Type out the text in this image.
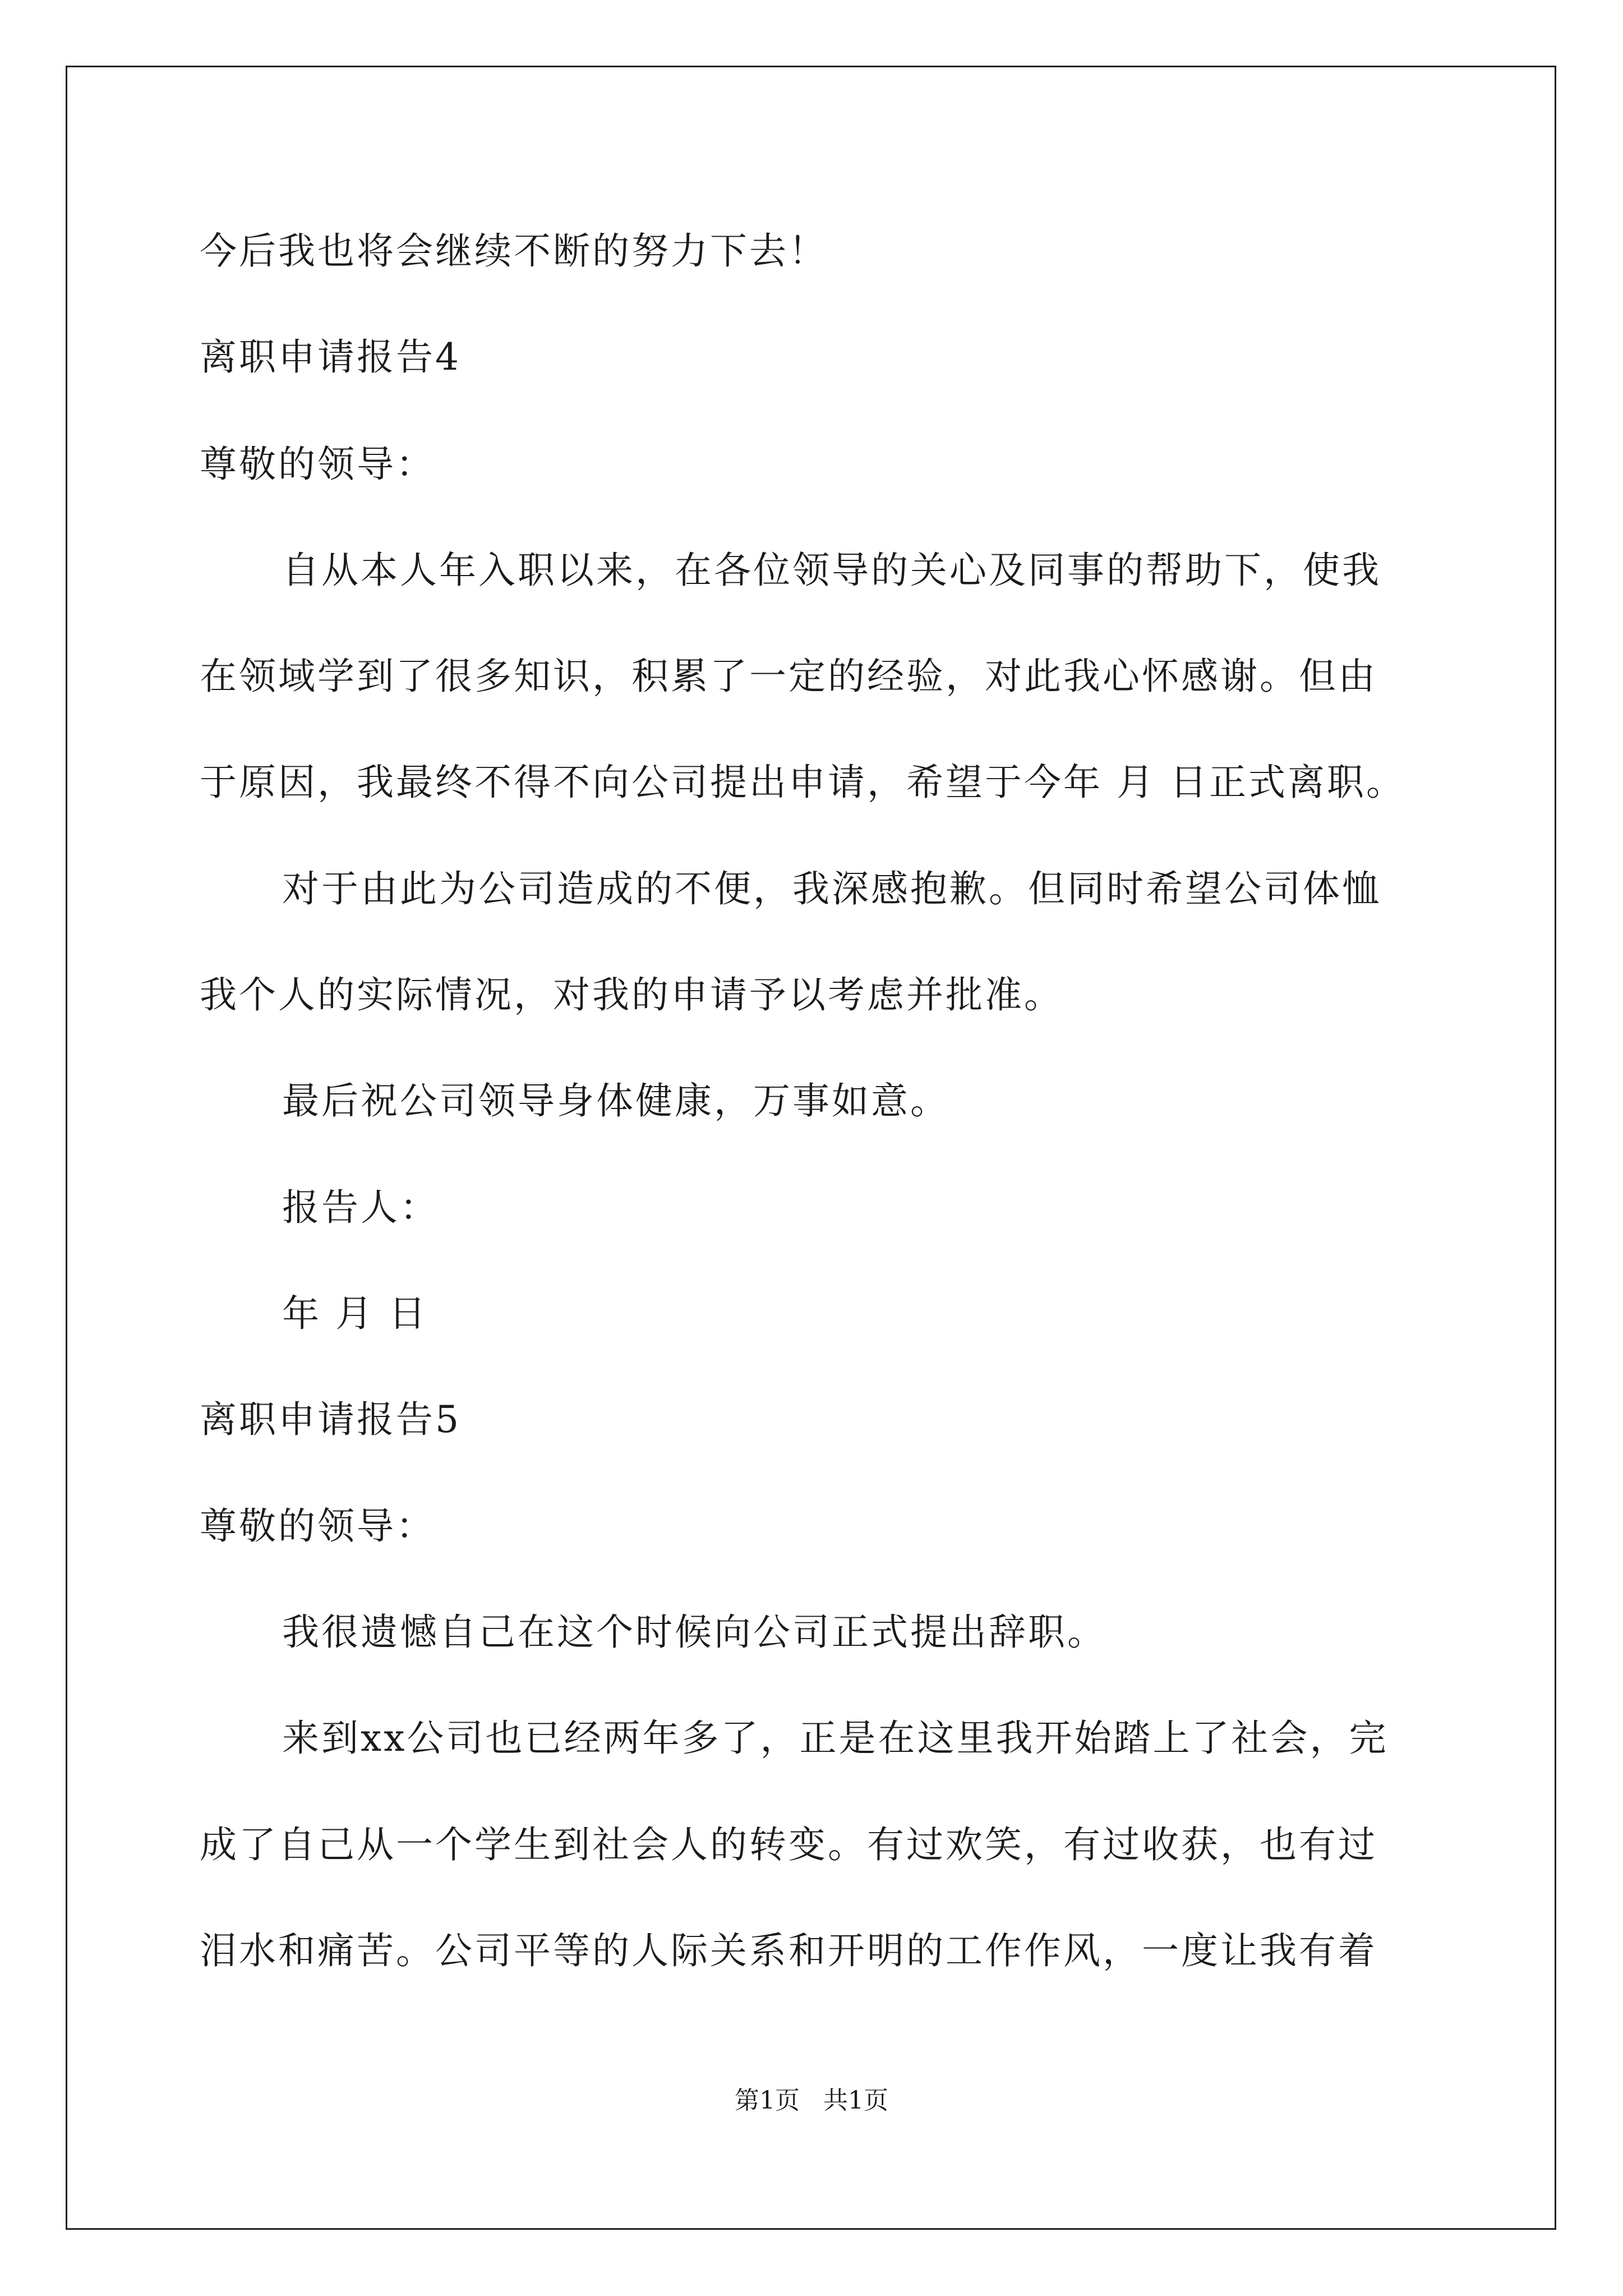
今后我也将会继续不断的努力下去！
离职申请报告4
尊敬的领导：
自从本人年入职以来，在各位领导的关心及同事的帮助下，使我
在领域学到了很多知识，积累了一定的经验，对此我心怀感谢。但由
于原因，我最终不得不向公司提出申请，希望于今年 月 日正式离职。
对于由此为公司造成的不便，我深感抱歉。但同时希望公司体恤
我个人的实际情况，对我的申请予以考虑并批准。
最后祝公司领导身体健康，万事如意。
报告人：
年 月 日
离职申请报告5
尊敬的领导：
我很遗憾自己在这个时候向公司正式提出辞职。
来到xx公司也已经两年多了，正是在这里我开始踏上了社会，完
成了自己从一个学生到社会人的转变。有过欢笑，有过收获，也有过
泪水和痛苦。公司平等的人际关系和开明的工作作风，一度让我有着
第1页   共1页
